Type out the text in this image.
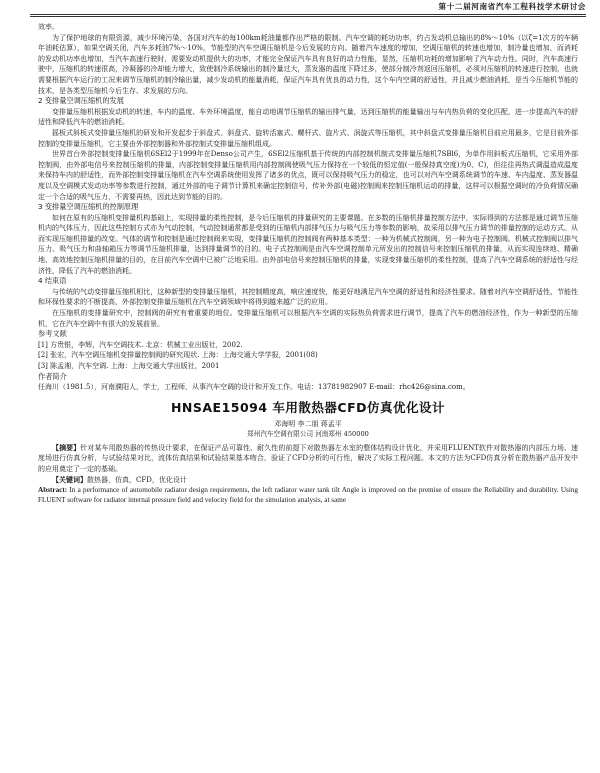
第十二届河南省汽车工程科技学术研讨会

效率。

为了保护地球的有限资源，减少环境污染，各国对汽车的每100km耗油量都作出严格的限制。汽车空调的耗功功率，约占发动机总输出的8%～10%（以ζ=1次方的车辆年油耗估算），如果空调关闭，汽车多耗油7%～10%，节能型的汽车空调压缩机是今后发展的方向。随着汽车速度的增加，空调压缩机的转速也增加，制冷量也增加，而消耗的发动机功率也增加，当汽车高速行驶时，需要发动机提供大的功率，才能完全保证汽车具有良好的动力性能，显然，压缩机功耗的增加影响了汽车动力性。同时，汽车高速行驶中，压缩机的转速很高，冷凝器的冷却能力增大，致使制冷系统输出的制冷量过大，蒸发器的温度下降过多，使部分制冷剂返回压缩机，必须对压缩机的转速进行控制，也就需要根据汽车运行的工况来调节压缩机的制冷输出量，减少发动机的能量消耗，保证汽车具有优良的动力性，这个车内空调的舒适性，并且减少燃油消耗，是当今压缩机节能的技术，是各类型压缩机今后生存、求发展的方向。

2 变排量空调压缩机的发展

变排量压缩机根据发动机的转速、车内的温度、车外环境温度，能自动地调节压缩机的输出排气量，达到压缩机的能量输出与车内热负荷的变化匹配，进一步提高汽车的舒适性和降低汽车的燃油消耗。

摇板式斜板式变排量压缩机的研发和开发起步于斜盘式、斜盘式、旋转活塞式、螺杆式、旋片式、涡旋式等压缩机，其中斜盘式变排量压缩机目前应用最多，它是目前外部控制的变排量压缩机，它主要由外部控制器和外部控制式变排量压缩机组成。

世界首台外部控制变排量压缩机6SEl2于1999年在Denso公司产生，6SEl2压缩机基于传统的内部控制机制式变排量压缩机7SBl6，为单作用斜板式压缩机，它采用外部控制阀，由外部电信号来控制压缩机的排量，内部控制变排量压缩机用内部控制阀使吸气压力保持在一个较低的恒定值(一般保持真空度)为0、C)，但往往再热式调温造成温度来保持车内的舒适性，而外部控制变排量压缩机在汽车空调系统使用发挥了诸多的优点，既可以保持吸气压力的稳定，也可以对汽车空调系统调节的车速、车内温度、蒸发器温度以及空调模式发动功率等参数进行控制，通过外部的电子调节计算机来确定控制信号，传补外部(电磁)控制阀来控制压缩机运动的排量，这样可以根据空调时的冷负荷情况确定一个合适的吸气压力，不需要再热，因此达到节能的目的。

3 变排量空调压缩机的控制原理

如何在原有的压缩机变排量机构基础上，实现排量的柔性控制，是今后压缩机的排量研究的主要课题。在多数的压缩机排量控制方法中，实际得到的方法都是通过调节压缩机内的气体压力，因此这些控制方式亦为气动控制，气动控制通常都是受到的压缩机内部排气压力与吸气压力等参数的影响，故采用以排气压力调节的排量控制的运动方式。从而实现压缩机排量的改变。气体的调节和控制是通过控制阀来实现，变排量压缩机的控制阀有两种基本类型：一种为机械式控制阀，另一种为电子控制阀。机械式控制阀以排气压力、吸气压力和曲轴箱压力等调节压缩机排量，达到排量调节的目的。电子式控制阀是由汽车空调控制单元所发出的控制信号来控制压缩机的排量，从而实现连续地、精确地、高效地控制压缩机排量的目的，在目前汽车空调中已被广泛地采用。由外部电信号来控制压缩机的排量，实现变排量压缩机的柔性控制，提高了汽车空调系统的舒适性与经济性，降低了汽车的燃油消耗。

4 结束语

与传统的气动变排量压缩机相比，这种新型的变排量压缩机，其控制精度高，响应速度快，能更好地满足汽车空调的舒适性和经济性要求。随着对汽车空调舒适性、节能性和环保性要求的不断提高，外部控制变排量压缩机在汽车空调领域中将得到越来越广泛的应用。

在压缩机的变排量研究中，控制阀的研究有着重要的地位。变排量压缩机可以根据汽车空调的实际热负荷需求进行调节，提高了汽车的燃油经济性，作为一种新型的压缩机，它在汽车空调中有很大的发展前景。

参考文献

[1] 方贵银，李辉，汽车空调技术. 北京：机械工业出版社，2002.

[2] 张宏，汽车空调压缩机变排量控制阀的研究现状. 上海：上海交通大学学报，2001(08)

[3] 陈孟湘，汽车空调. 上海：上海交通大学出版社，2001

作者简介

任海川（1981.5），河南濮阳人，学士，工程师，从事汽车空调的设计和开发工作。电话：13781982907 E-mail：rhc426@sina.com。

HNSAE15094 车用散热器CFD仿真优化设计
邓海明 李二朋 蒋孟平
郑州汽车空调有限公司 河南郑州 450000

【摘要】针对某车用散热器的传热设计要求，在保证产品可靠性、耐久性的前提下对散热器左水室的整体结构设计优化，并采用FLUENT软件对散热器的内部压力场、速度场进行仿真分析，与试验结果对比，流体仿真结果和试验结果基本吻合，验证了CFD分析的可行性，解决了实际工程问题。本文的方法为CFD仿真分析在散热器产品开发中的应用奠定了一定的基础。

【关键词】散热器，仿真，CFD，优化设计

Abstract: In a performance of automobile radiator design requirements, the left radiator water tank tilt Angle is improved on the premise of ensure the Reliability and durability. Using FLUENT software for radiator internal pressure field and velocity field for the simulation analysis, at same
